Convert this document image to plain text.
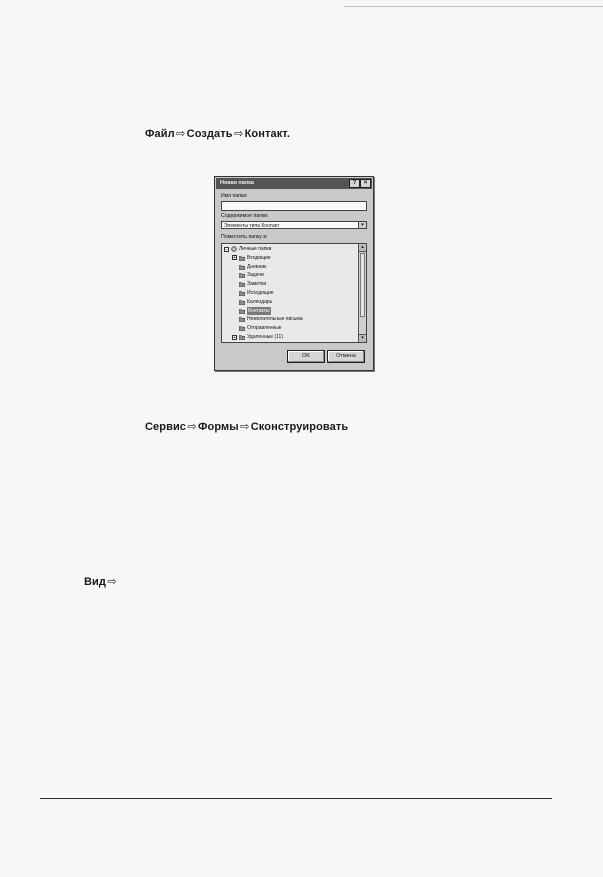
Файл⇨Создать⇨Контакт.
Новая папка	?	×
Имя папки:
Содержимое папки:
Элементы типа Контакт	▾
Поместить папку в:
+ Удаленные (11)
Отправленные
Нежелательные письма
Контакты
Календарь
Исходящие
Заметки
Задачи
Дневник
+ Входящие
− Личные папки	▴
▾
OK	Отмена
Сервис⇨Формы⇨Сконструировать
Вид⇨
